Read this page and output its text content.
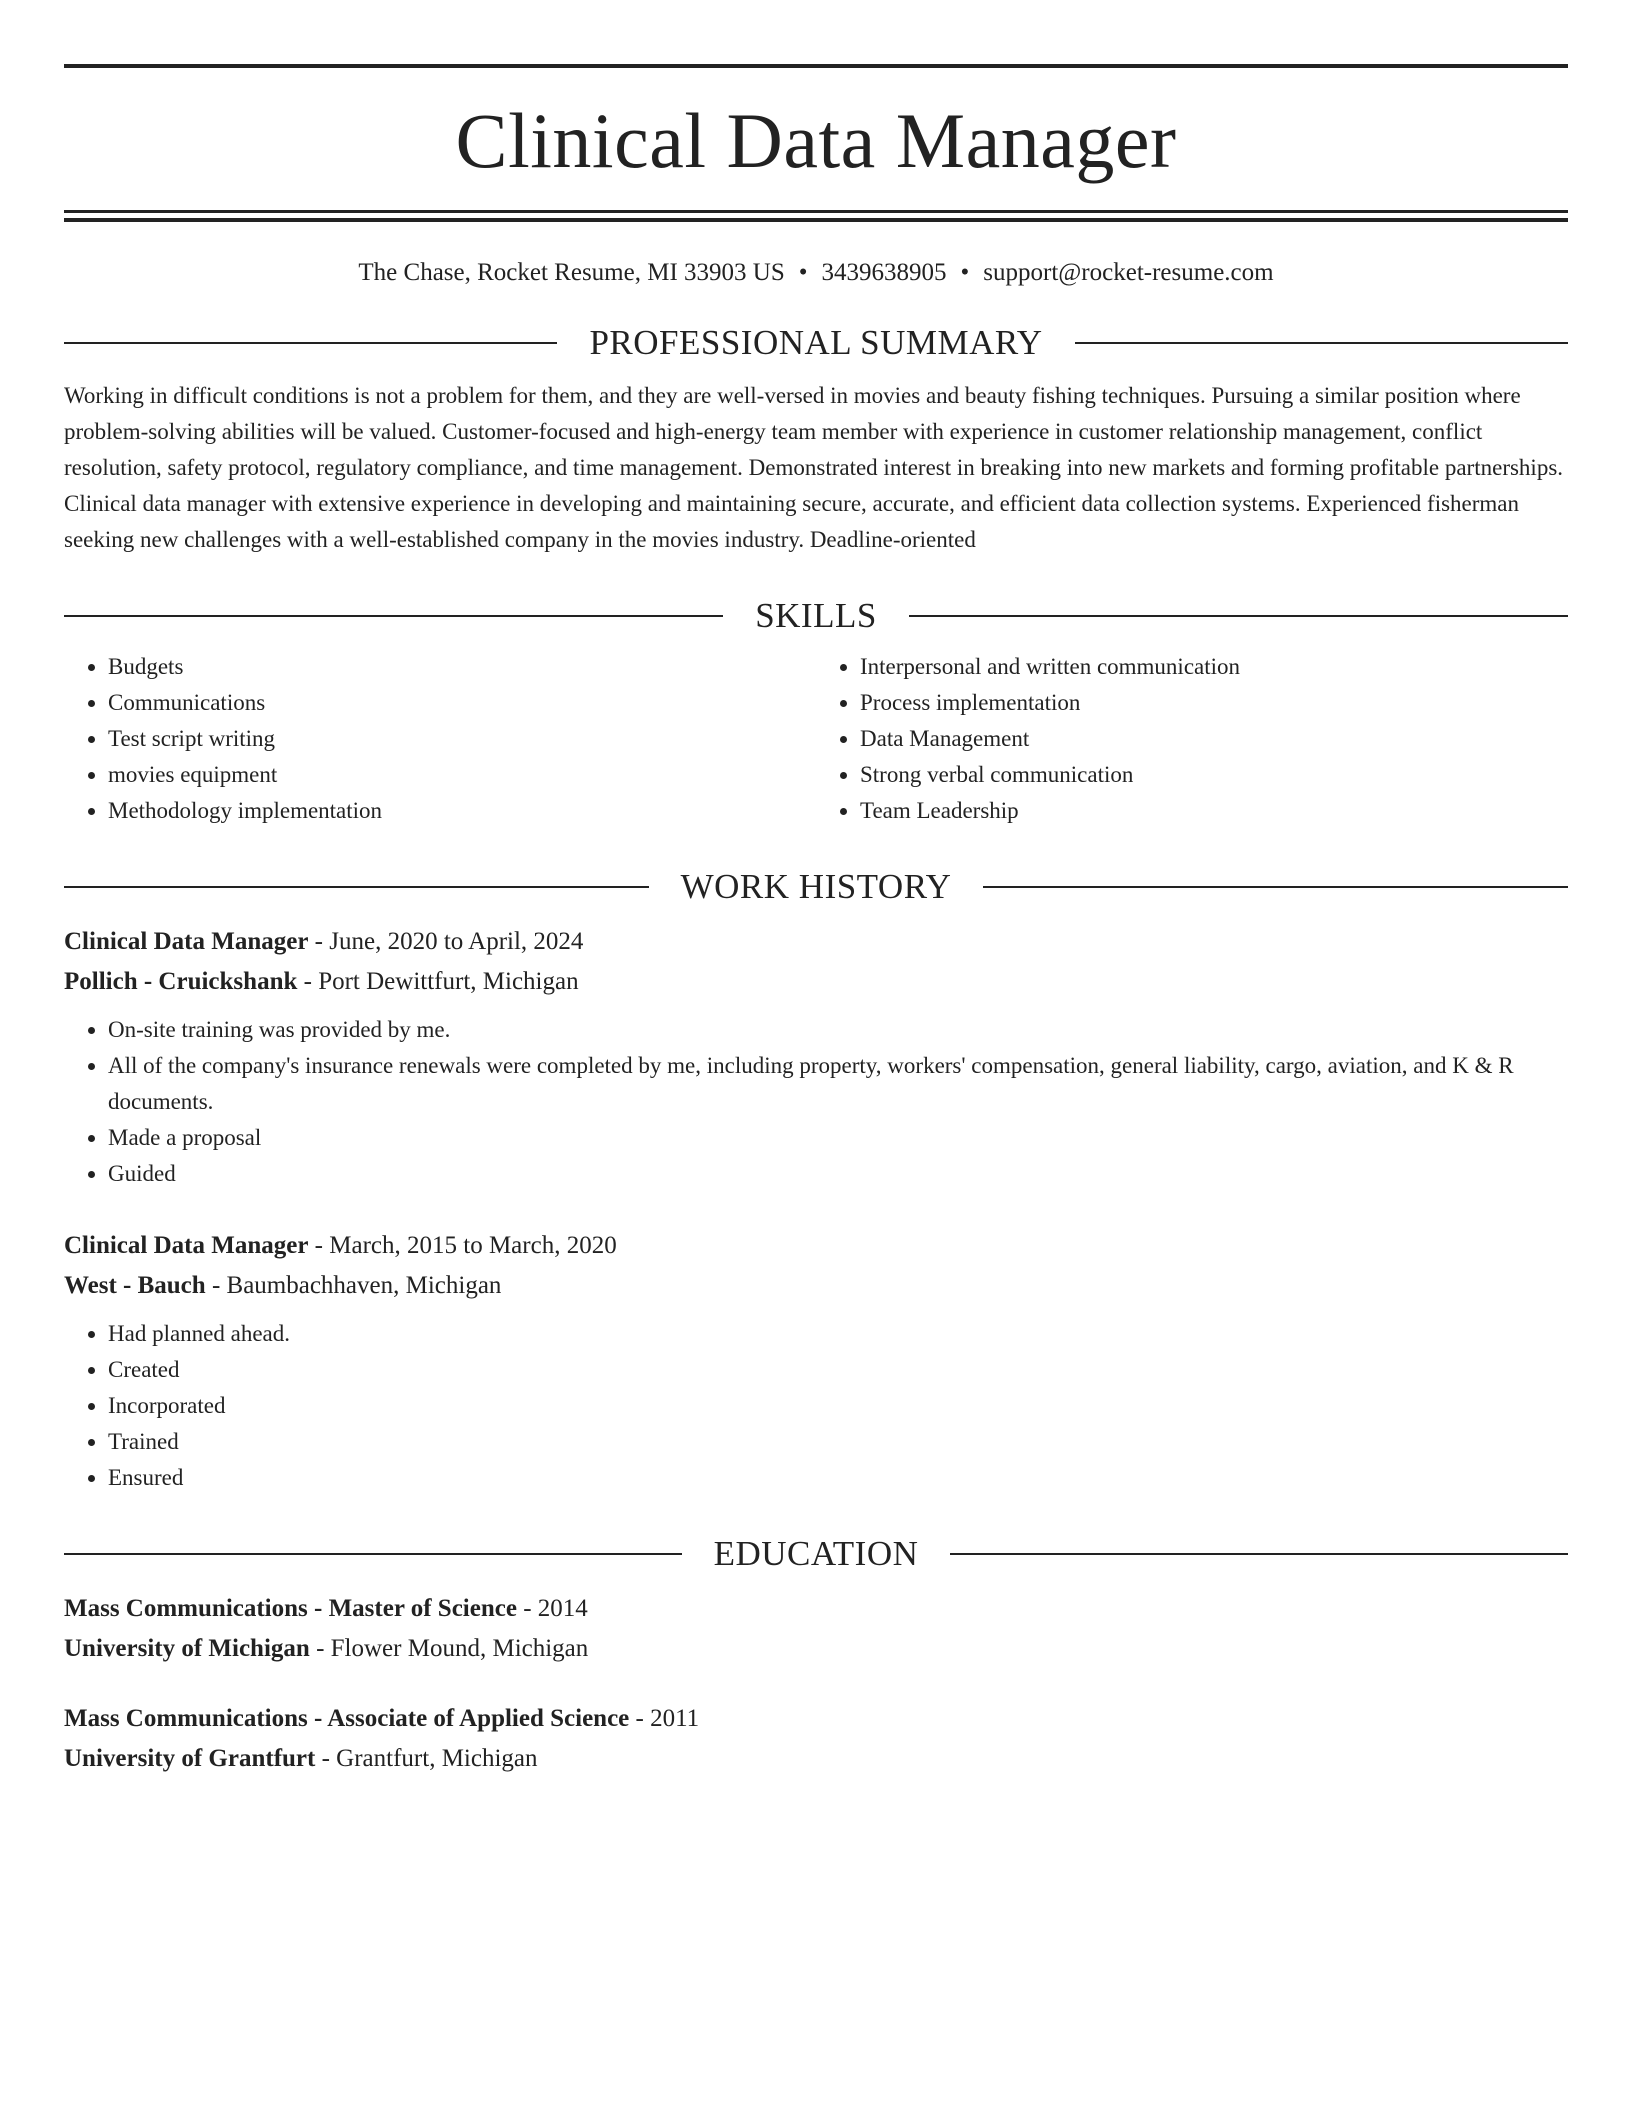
Clinical Data Manager
The Chase, Rocket Resume, MI 33903 US • 3439638905 • support@rocket-resume.com
PROFESSIONAL SUMMARY
Working in difficult conditions is not a problem for them, and they are well-versed in movies and beauty fishing techniques. Pursuing a similar position where problem-solving abilities will be valued. Customer-focused and high-energy team member with experience in customer relationship management, conflict resolution, safety protocol, regulatory compliance, and time management. Demonstrated interest in breaking into new markets and forming profitable partnerships. Clinical data manager with extensive experience in developing and maintaining secure, accurate, and efficient data collection systems. Experienced fisherman seeking new challenges with a well-established company in the movies industry. Deadline-oriented
SKILLS
• Budgets
• Communications
• Test script writing
• movies equipment
• Methodology implementation
• Interpersonal and written communication
• Process implementation
• Data Management
• Strong verbal communication
• Team Leadership
WORK HISTORY
Clinical Data Manager - June, 2020 to April, 2024
Pollich - Cruickshank - Port Dewittfurt, Michigan
• On-site training was provided by me.
• All of the company's insurance renewals were completed by me, including property, workers' compensation, general liability, cargo, aviation, and K & R documents.
• Made a proposal
• Guided
Clinical Data Manager - March, 2015 to March, 2020
West - Bauch - Baumbachhaven, Michigan
• Had planned ahead.
• Created
• Incorporated
• Trained
• Ensured
EDUCATION
Mass Communications - Master of Science - 2014
University of Michigan - Flower Mound, Michigan
Mass Communications - Associate of Applied Science - 2011
University of Grantfurt - Grantfurt, Michigan
